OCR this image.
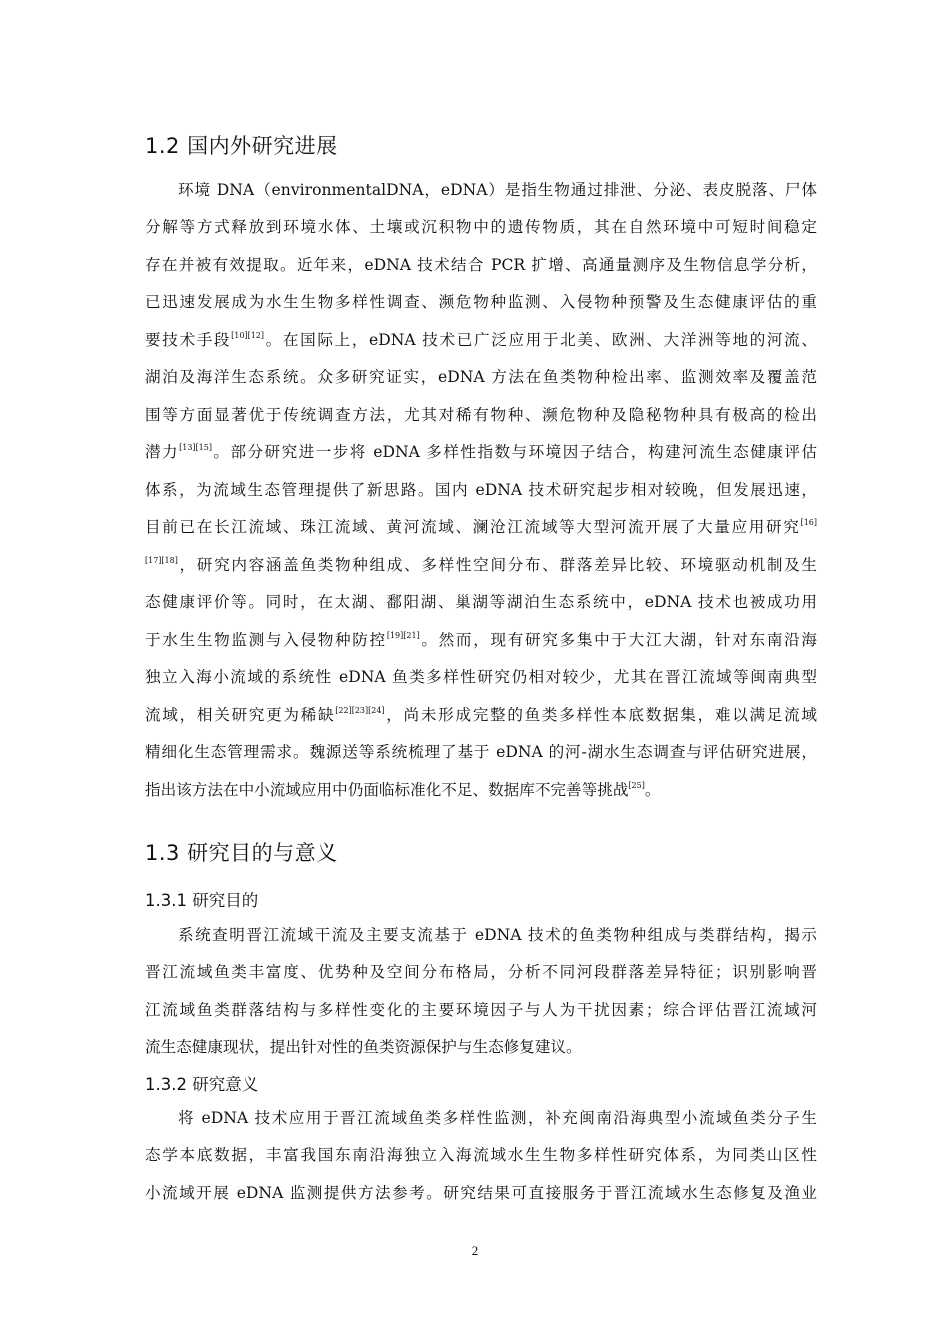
1.2 国内外研究进展
环境 DNA（environmentalDNA，eDNA）是指生物通过排泄、分泌、表皮脱落、尸体
分解等方式释放到环境水体、土壤或沉积物中的遗传物质，其在自然环境中可短时间稳定
存在并被有效提取。近年来，eDNA 技术结合 PCR 扩增、高通量测序及生物信息学分析，
已迅速发展成为水生生物多样性调查、濒危物种监测、入侵物种预警及生态健康评估的重
要技术手段[10][12]。在国际上，eDNA 技术已广泛应用于北美、欧洲、大洋洲等地的河流、
湖泊及海洋生态系统。众多研究证实，eDNA 方法在鱼类物种检出率、监测效率及覆盖范
围等方面显著优于传统调查方法，尤其对稀有物种、濒危物种及隐秘物种具有极高的检出
潜力[13][15]。部分研究进一步将 eDNA 多样性指数与环境因子结合，构建河流生态健康评估
体系，为流域生态管理提供了新思路。国内 eDNA 技术研究起步相对较晚，但发展迅速，
目前已在长江流域、珠江流域、黄河流域、澜沧江流域等大型河流开展了大量应用研究[16]
[17][18]，研究内容涵盖鱼类物种组成、多样性空间分布、群落差异比较、环境驱动机制及生
态健康评价等。同时，在太湖、鄱阳湖、巢湖等湖泊生态系统中，eDNA 技术也被成功用
于水生生物监测与入侵物种防控[19][21]。然而，现有研究多集中于大江大湖，针对东南沿海
独立入海小流域的系统性 eDNA 鱼类多样性研究仍相对较少，尤其在晋江流域等闽南典型
流域，相关研究更为稀缺[22][23][24]，尚未形成完整的鱼类多样性本底数据集，难以满足流域
精细化生态管理需求。魏源送等系统梳理了基于 eDNA 的河-湖水生态调查与评估研究进展，
指出该方法在中小流域应用中仍面临标准化不足、数据库不完善等挑战[25]。
1.3 研究目的与意义
1.3.1 研究目的
系统查明晋江流域干流及主要支流基于 eDNA 技术的鱼类物种组成与类群结构，揭示
晋江流域鱼类丰富度、优势种及空间分布格局，分析不同河段群落差异特征；识别影响晋
江流域鱼类群落结构与多样性变化的主要环境因子与人为干扰因素；综合评估晋江流域河
流生态健康现状，提出针对性的鱼类资源保护与生态修复建议。
1.3.2 研究意义
将 eDNA 技术应用于晋江流域鱼类多样性监测，补充闽南沿海典型小流域鱼类分子生
态学本底数据，丰富我国东南沿海独立入海流域水生生物多样性研究体系，为同类山区性
小流域开展 eDNA 监测提供方法参考。研究结果可直接服务于晋江流域水生态修复及渔业
2
